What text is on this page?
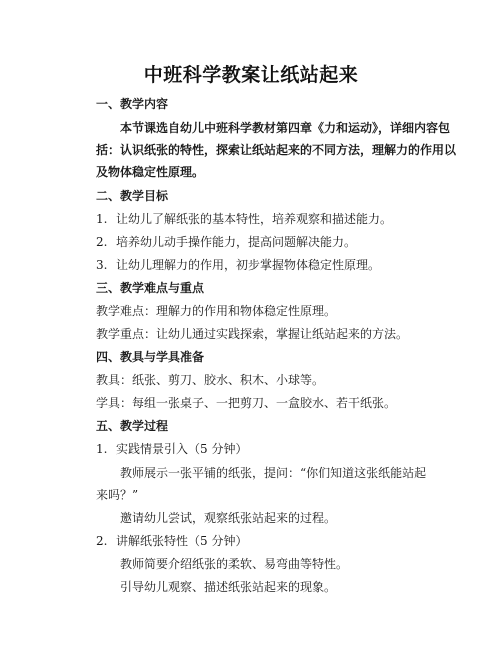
中班科学教案让纸站起来
一、教学内容
本节课选自幼儿中班科学教材第四章《力和运动》，详细内容包
括：认识纸张的特性，探索让纸站起来的不同方法，理解力的作用以
及物体稳定性原理。
二、教学目标
1. 让幼儿了解纸张的基本特性，培养观察和描述能力。
2. 培养幼儿动手操作能力，提高问题解决能力。
3. 让幼儿理解力的作用，初步掌握物体稳定性原理。
三、教学难点与重点
教学难点：理解力的作用和物体稳定性原理。
教学重点：让幼儿通过实践探索，掌握让纸站起来的方法。
四、教具与学具准备
教具：纸张、剪刀、胶水、积木、小球等。
学具：每组一张桌子、一把剪刀、一盒胶水、若干纸张。
五、教学过程
1. 实践情景引入（5 分钟）
教师展示一张平铺的纸张，提问：“你们知道这张纸能站起
来吗？”
邀请幼儿尝试，观察纸张站起来的过程。
2. 讲解纸张特性（5 分钟）
教师简要介绍纸张的柔软、易弯曲等特性。
引导幼儿观察、描述纸张站起来的现象。
